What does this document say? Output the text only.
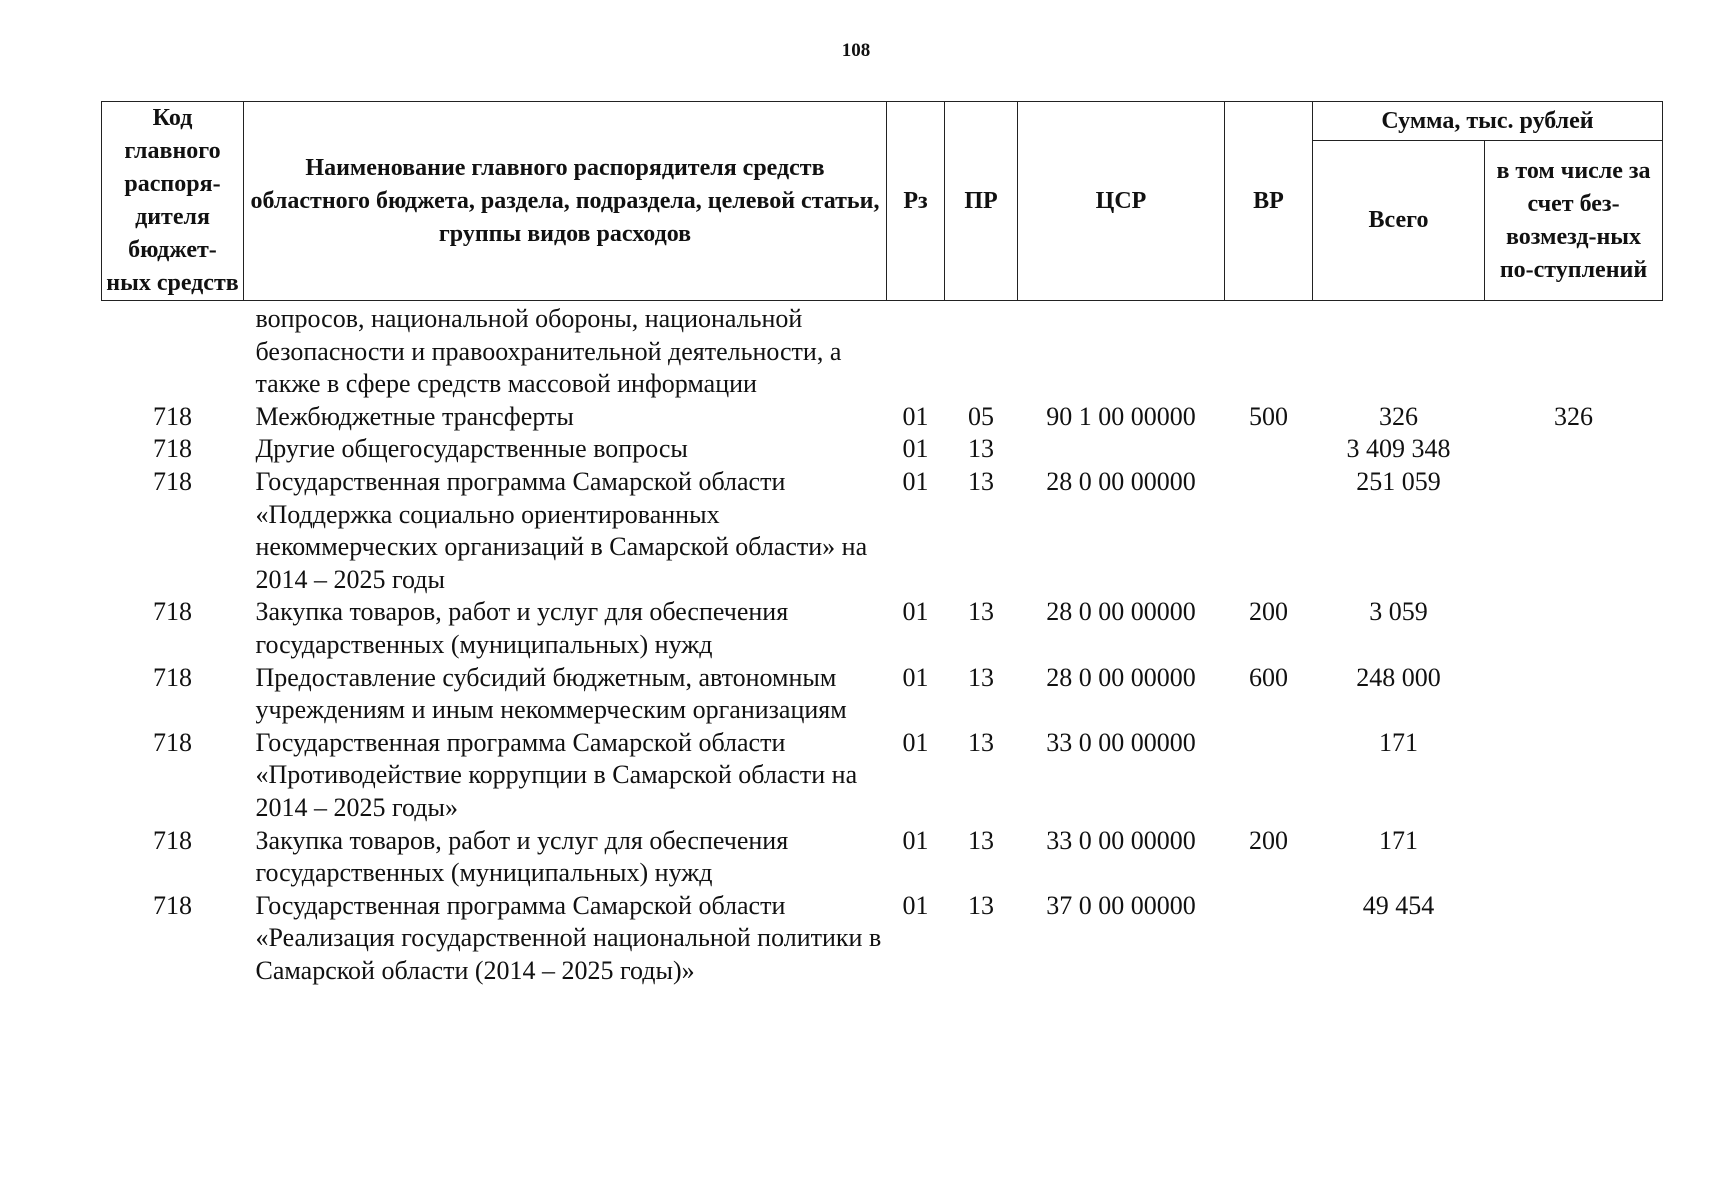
108
Код главного распоря-дителя бюджет-ных средств	Наименование главного распорядителя средств областного бюджета, раздела, подраздела, целевой статьи, группы видов расходов	Рз	ПР	ЦСР	ВР	Сумма, тыс. рублей	
						Всего	в том числе за счет без-возмезд-ных по-ступлений
	вопросов, национальной обороны, национальной безопасности и правоохранительной деятельности, а также в сфере средств массовой информации						
718	Межбюджетные трансферты	01	05	90 1 00 00000	500	326	326
718	Другие общегосударственные вопросы	01	13			3 409 348	
718	Государственная программа Самарской области «Поддержка социально ориентированных некоммерческих организаций в Самарской области» на 2014 – 2025 годы	01	13	28 0 00 00000		251 059	
718	Закупка товаров, работ и услуг для обеспечения государственных (муниципальных) нужд	01	13	28 0 00 00000	200	3 059	
718	Предоставление субсидий бюджетным, автономным учреждениям и иным некоммерческим организациям	01	13	28 0 00 00000	600	248 000	
718	Государственная программа Самарской области «Противодействие коррупции в Самарской области на 2014 – 2025 годы»	01	13	33 0 00 00000		171	
718	Закупка товаров, работ и услуг для обеспечения государственных (муниципальных) нужд	01	13	33 0 00 00000	200	171	
718	Государственная программа Самарской области «Реализация государственной национальной политики в Самарской области (2014 – 2025 годы)»	01	13	37 0 00 00000		49 454	
